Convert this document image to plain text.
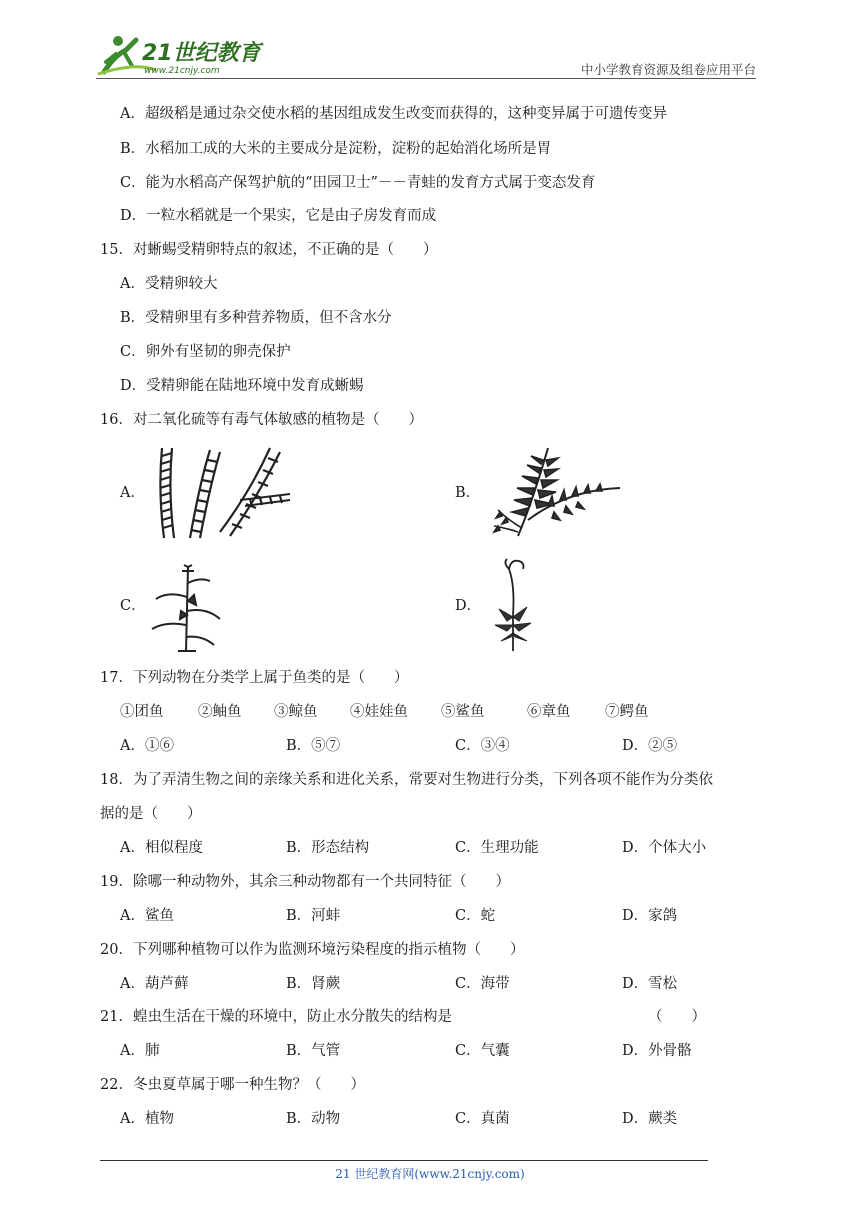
21世纪教育
www.21cnjy.com	中小学教育资源及组卷应用平台
A．超级稻是通过杂交使水稻的基因组成发生改变而获得的，这种变异属于可遗传变异
B．水稻加工成的大米的主要成分是淀粉，淀粉的起始消化场所是胃
C．能为水稻高产保驾护航的“田园卫士”－－青蛙的发育方式属于变态发育
D．一粒水稻就是一个果实，它是由子房发育而成
15．对蜥蜴受精卵特点的叙述，不正确的是（　　）
A．受精卵较大
B．受精卵里有多种营养物质，但不含水分
C．卵外有坚韧的卵壳保护
D．受精卵能在陆地环境中发育成蜥蜴
16．对二氧化硫等有毒气体敏感的植物是（　　）
A．	B．
C．	D．
17．下列动物在分类学上属于鱼类的是（　　）
①团鱼 ②鲉鱼 ③鲸鱼 ④娃娃鱼 ⑤鲨鱼	⑥章鱼 ⑦鳄鱼
A．①⑥	B．⑤⑦	C．③④	D．②⑤
18．为了弄清生物之间的亲缘关系和进化关系，常要对生物进行分类，下列各项不能作为分类依
据的是（　　）
A．相似程度	B．形态结构	C．生理功能	D．个体大小
19．除哪一种动物外，其余三种动物都有一个共同特征（　　）
A．鲨鱼	B．河蚌	C．蛇	D．家鸽
20．下列哪种植物可以作为监测环境污染程度的指示植物（　　）
A．葫芦藓	B．肾蕨	C．海带	D．雪松
21．蝗虫生活在干燥的环境中，防止水分散失的结构是	（　　）
A．肺	B．气管	C．气囊	D．外骨骼
22．冬虫夏草属于哪一种生物？（　　）
A．植物	B．动物	C．真菌	D．蕨类
21 世纪教育网(www.21cnjy.com)
